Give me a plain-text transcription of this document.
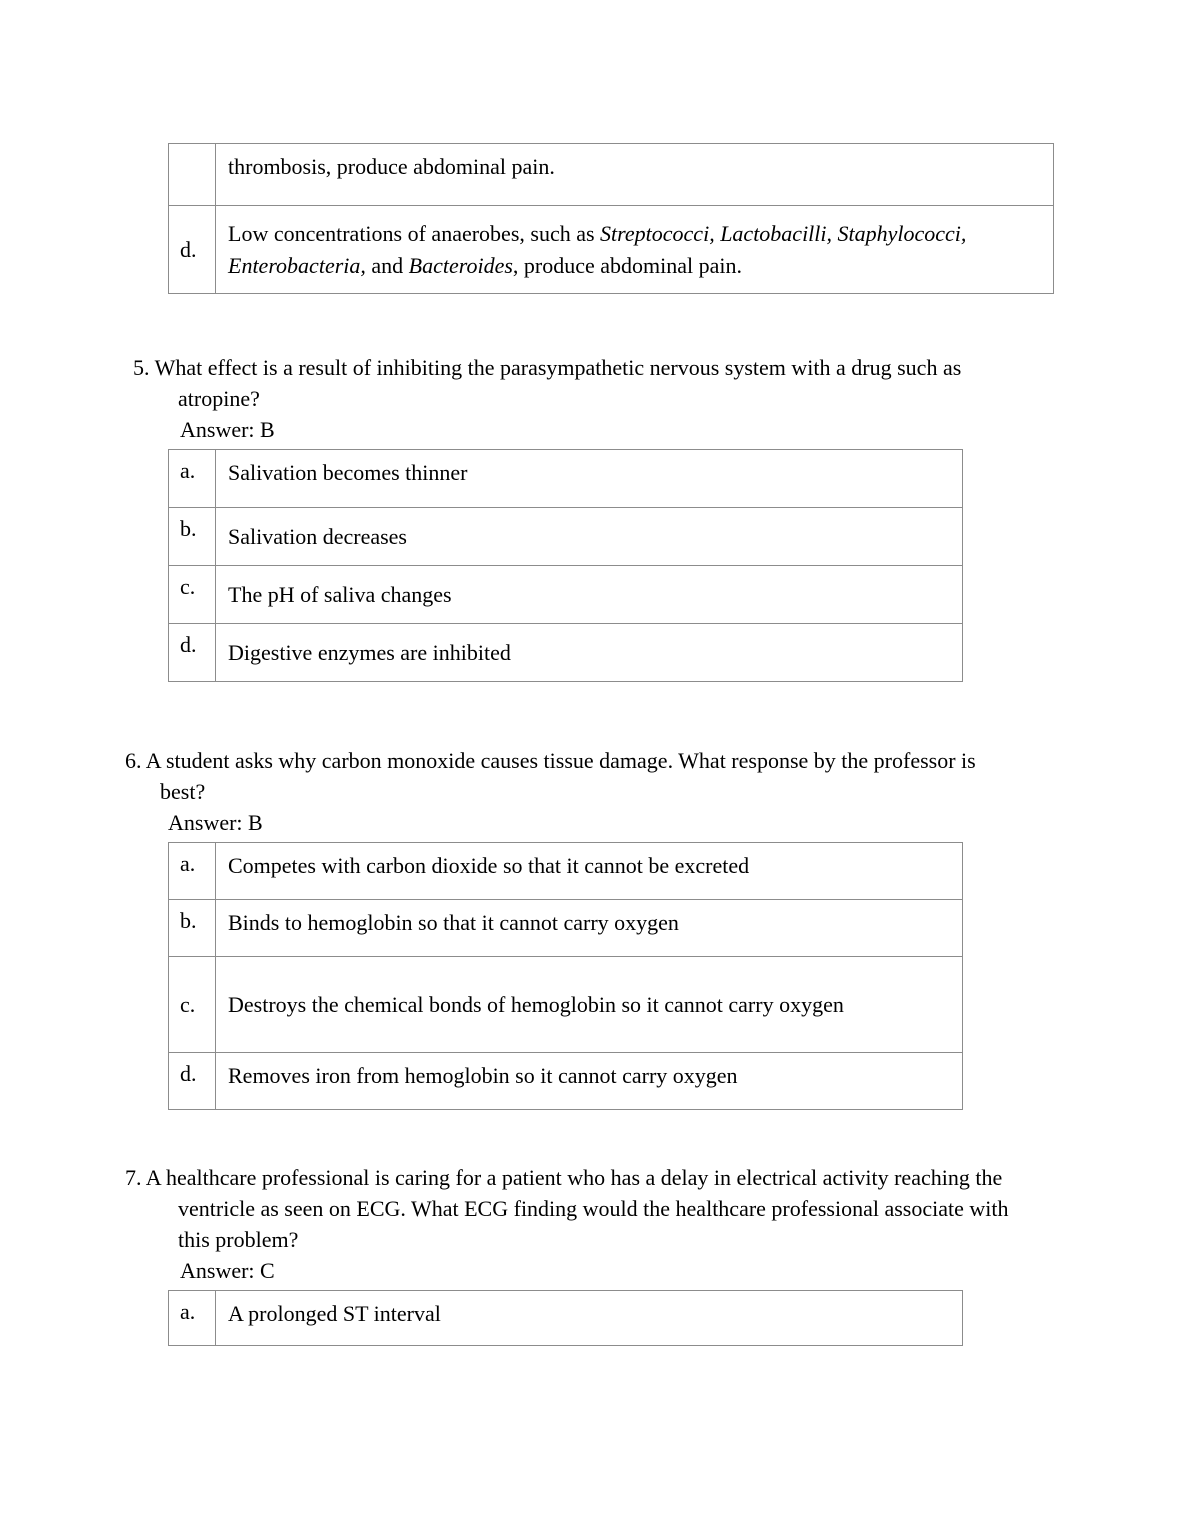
	thrombosis, produce abdominal pain.
d.	Low concentrations of anaerobes, such as Streptococci, Lactobacilli, Staphylococci, Enterobacteria, and Bacteroides, produce abdominal pain.

5. What effect is a result of inhibiting the parasympathetic nervous system with a drug such as atropine?

Answer: B

a.	Salivation becomes thinner
b.	Salivation decreases
c.	The pH of saliva changes
d.	Digestive enzymes are inhibited

6. A student asks why carbon monoxide causes tissue damage. What response by the professor is best?

Answer: B

a.	Competes with carbon dioxide so that it cannot be excreted
b.	Binds to hemoglobin so that it cannot carry oxygen
c.	Destroys the chemical bonds of hemoglobin so it cannot carry oxygen
d.	Removes iron from hemoglobin so it cannot carry oxygen

7. A healthcare professional is caring for a patient who has a delay in electrical activity reaching the ventricle as seen on ECG. What ECG finding would the healthcare professional associate with this problem?

Answer: C

a.	A prolonged ST interval
